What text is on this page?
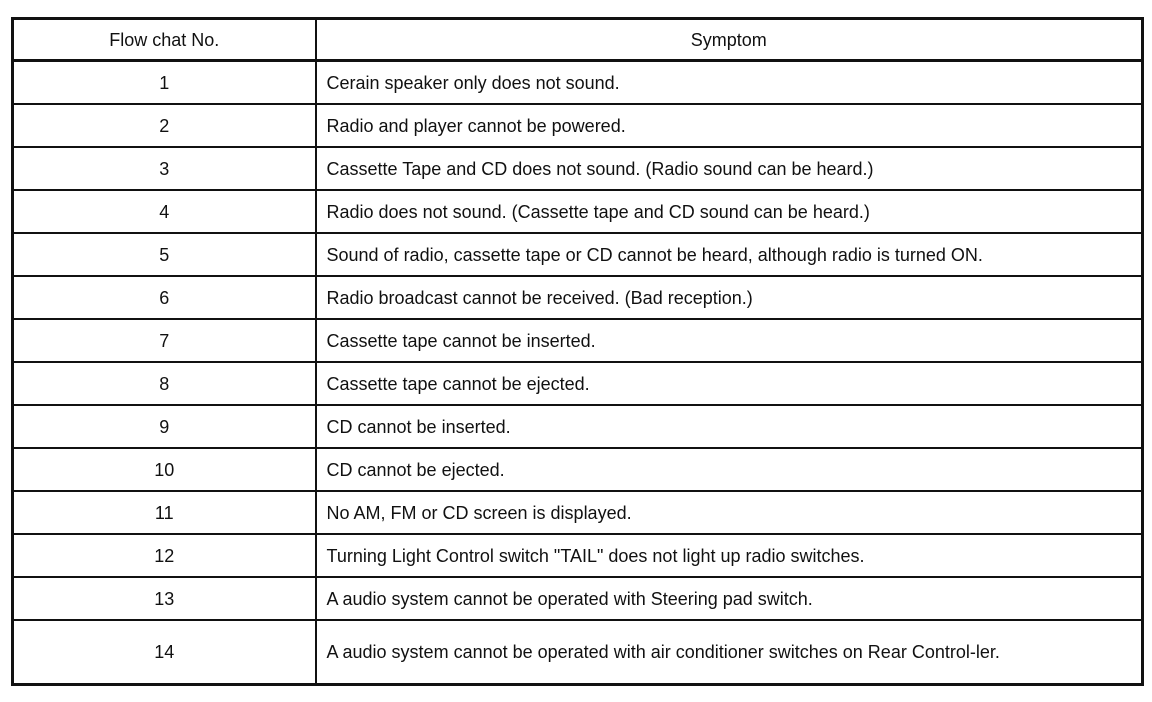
Flow chat No.	Symptom
1	Cerain speaker only does not sound.
2	Radio and player cannot be powered.
3	Cassette Tape and CD does not sound. (Radio sound can be heard.)
4	Radio does not sound. (Cassette tape and CD sound can be heard.)
5	Sound of radio, cassette tape or CD cannot be heard, although radio is turned ON.
6	Radio broadcast cannot be received. (Bad reception.)
7	Cassette tape cannot be inserted.
8	Cassette tape cannot be ejected.
9	CD cannot be inserted.
10	CD cannot be ejected.
11	No AM, FM or CD screen is displayed.
12	Turning Light Control switch "TAIL" does not light up radio switches.
13	A audio system cannot be operated with Steering pad switch.
14	A audio system cannot be operated with air conditioner switches on Rear Control-ler.
